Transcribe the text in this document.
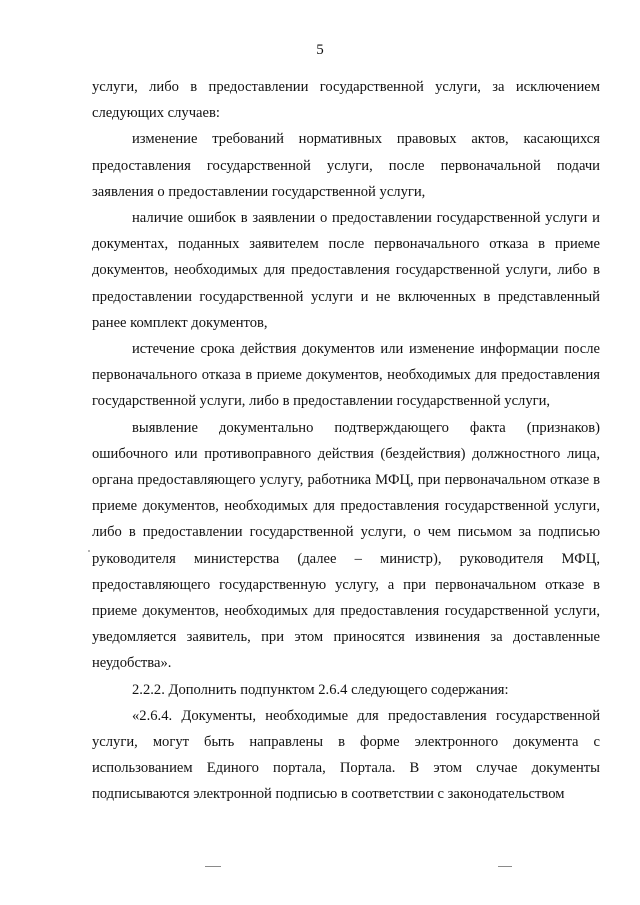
5

услуги, либо в предоставлении государственной услуги, за исключением следующих случаев:

изменение требований нормативных правовых актов, касающихся предоставления государственной услуги, после первоначальной подачи заявления о предоставлении государственной услуги,

наличие ошибок в заявлении о предоставлении государственной услуги и документах, поданных заявителем после первоначального отказа в приеме документов, необходимых для предоставления государственной услуги, либо в предоставлении государственной услуги и не включенных в представленный ранее комплект документов,

истечение срока действия документов или изменение информации после первоначального отказа в приеме документов, необходимых для предоставления государственной услуги, либо в предоставлении государственной услуги,

выявление документально подтверждающего факта (признаков) ошибочного или противоправного действия (бездействия) должностного лица, органа предоставляющего услугу, работника МФЦ, при первоначальном отказе в приеме документов, необходимых для предоставления государственной услуги, либо в предоставлении государственной услуги, о чем письмом за подписью руководителя министерства (далее – министр), руководителя МФЦ, предоставляющего государственную услугу, а при первоначальном отказе в приеме документов, необходимых для предоставления государственной услуги, уведомляется заявитель, при этом приносятся извинения за доставленные неудобства».

2.2.2. Дополнить подпунктом 2.6.4 следующего содержания:

«2.6.4. Документы, необходимые для предоставления государственной услуги, могут быть направлены в форме электронного документа с использованием Единого портала, Портала. В этом случае документы подписываются электронной подписью в соответствии с законодательством
